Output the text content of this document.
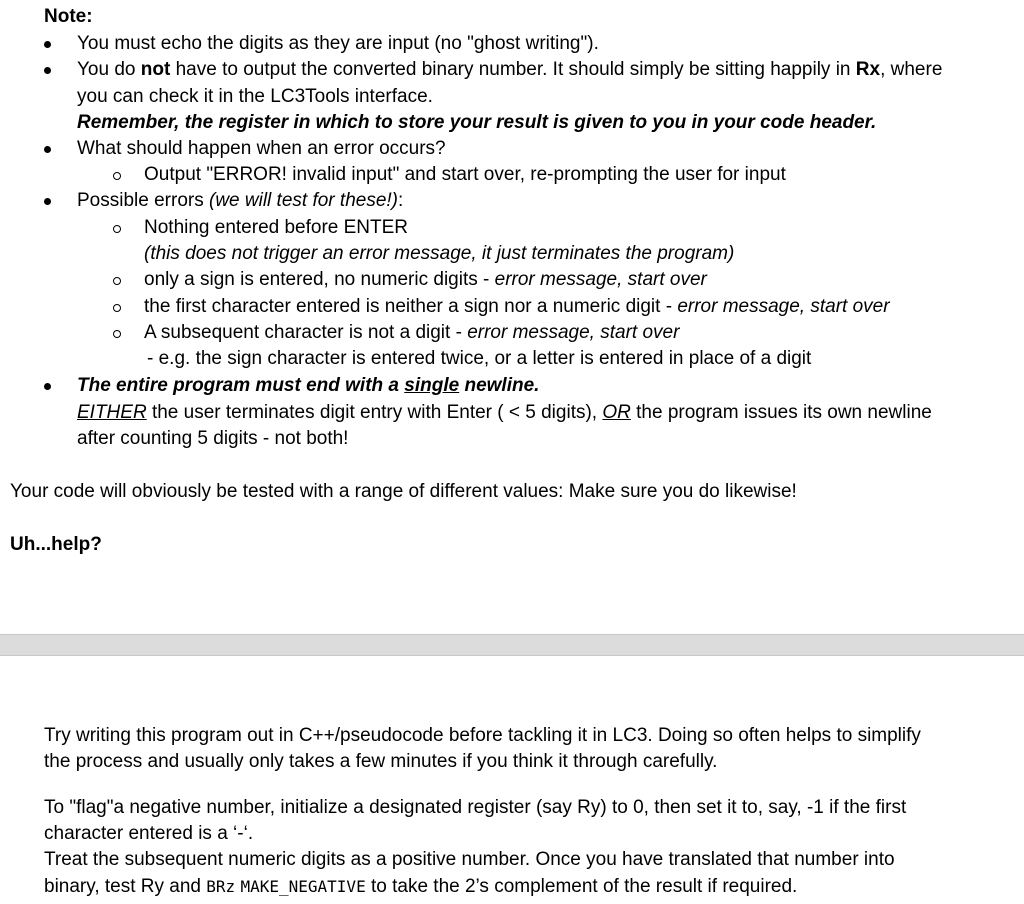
Note:
You must echo the digits as they are input (no "ghost writing").
You do not have to output the converted binary number. It should simply be sitting happily in Rx, where
you can check it in the LC3Tools interface.
Remember, the register in which to store your result is given to you in your code header.
What should happen when an error occurs?
Output "ERROR! invalid input" and start over, re-prompting the user for input
Possible errors (we will test for these!):
Nothing entered before ENTER
(this does not trigger an error message, it just terminates the program)
only a sign is entered, no numeric digits - error message, start over
the first character entered is neither a sign nor a numeric digit - error message, start over
A subsequent character is not a digit - error message, start over
- e.g. the sign character is entered twice, or a letter is entered in place of a digit
The entire program must end with a single newline.
EITHER the user terminates digit entry with Enter ( < 5 digits), OR the program issues its own newline
after counting 5 digits - not both!
Your code will obviously be tested with a range of different values: Make sure you do likewise!
Uh...help?
Try writing this program out in C++/pseudocode before tackling it in LC3. Doing so often helps to simplify
the process and usually only takes a few minutes if you think it through carefully.
To "flag"a negative number, initialize a designated register (say Ry) to 0, then set it to, say, -1 if the first
character entered is a ‘-‘.
Treat the subsequent numeric digits as a positive number. Once you have translated that number into
binary, test Ry and BRz MAKE_NEGATIVE to take the 2’s complement of the result if required.
